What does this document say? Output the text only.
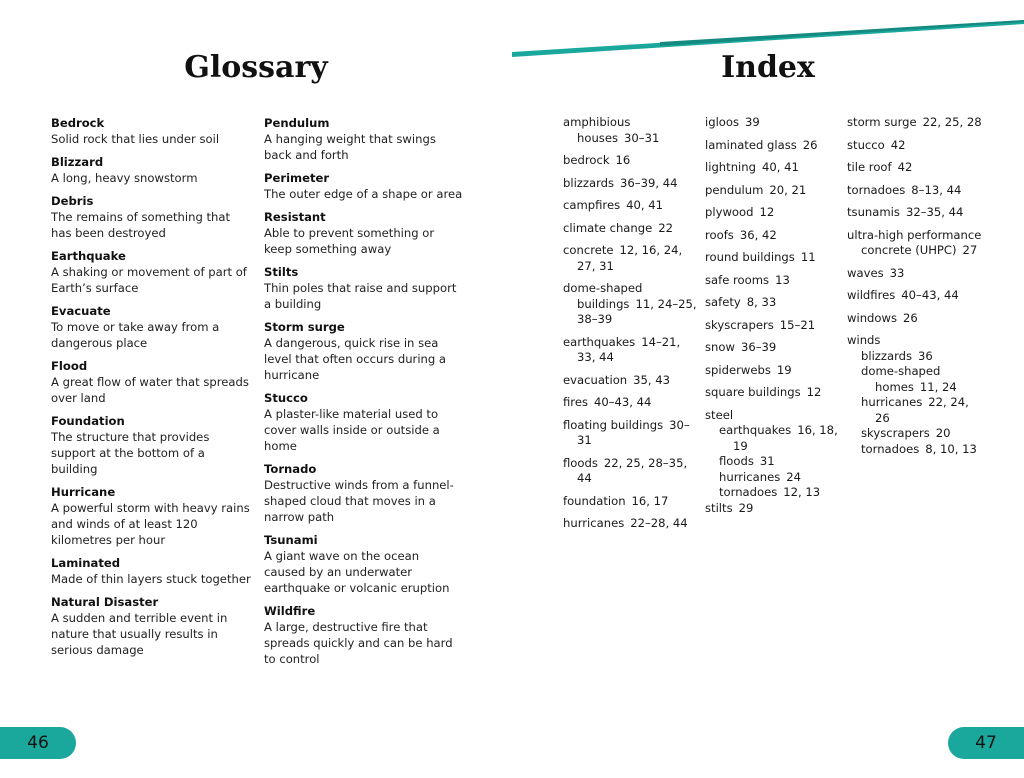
Glossary	Index
Bedrock
Solid rock that lies under soil
Blizzard
A long, heavy snowstorm
Debris
The remains of something that has been destroyed
Earthquake
A shaking or movement of part of Earth’s surface
Evacuate
To move or take away from a dangerous place
Flood
A great flow of water that spreads over land
Foundation
The structure that provides support at the bottom of a building
Hurricane
A powerful storm with heavy rains and winds of at least 120 kilometres per hour
Laminated
Made of thin layers stuck together
Natural Disaster
A sudden and terrible event in nature that usually results in serious damage
Pendulum
A hanging weight that swings back and forth
Perimeter
The outer edge of a shape or area
Resistant
Able to prevent something or keep something away
Stilts
Thin poles that raise and support a building
Storm surge
A dangerous, quick rise in sea level that often occurs during a hurricane
Stucco
A plaster-like material used to cover walls inside or outside a home
Tornado
Destructive winds from a funnel-shaped cloud that moves in a narrow path
Tsunami
A giant wave on the ocean caused by an underwater earthquake or volcanic eruption
Wildfire
A large, destructive fire that spreads quickly and can be hard to control
amphibious houses 30–31
bedrock 16
blizzards 36–39, 44
campfires 40, 41
climate change 22
concrete 12, 16, 24, 27, 31
dome-shaped buildings 11, 24–25, 38–39
earthquakes 14–21, 33, 44
evacuation 35, 43
fires 40–43, 44
floating buildings 30–31
floods 22, 25, 28–35, 44
foundation 16, 17
hurricanes 22–28, 44
igloos 39
laminated glass 26
lightning 40, 41
pendulum 20, 21
plywood 12
roofs 36, 42
round buildings 11
safe rooms 13
safety 8, 33
skyscrapers 15–21
snow 36–39
spiderwebs 19
square buildings 12
steel
earthquakes 16, 18, 19
floods 31
hurricanes 24
tornadoes 12, 13
stilts 29
storm surge 22, 25, 28
stucco 42
tile roof 42
tornadoes 8–13, 44
tsunamis 32–35, 44
ultra-high performance concrete (UHPC) 27
waves 33
wildfires 40–43, 44
windows 26
winds
blizzards 36
dome-shaped homes 11, 24
hurricanes 22, 24, 26
skyscrapers 20
tornadoes 8, 10, 13
46	47
